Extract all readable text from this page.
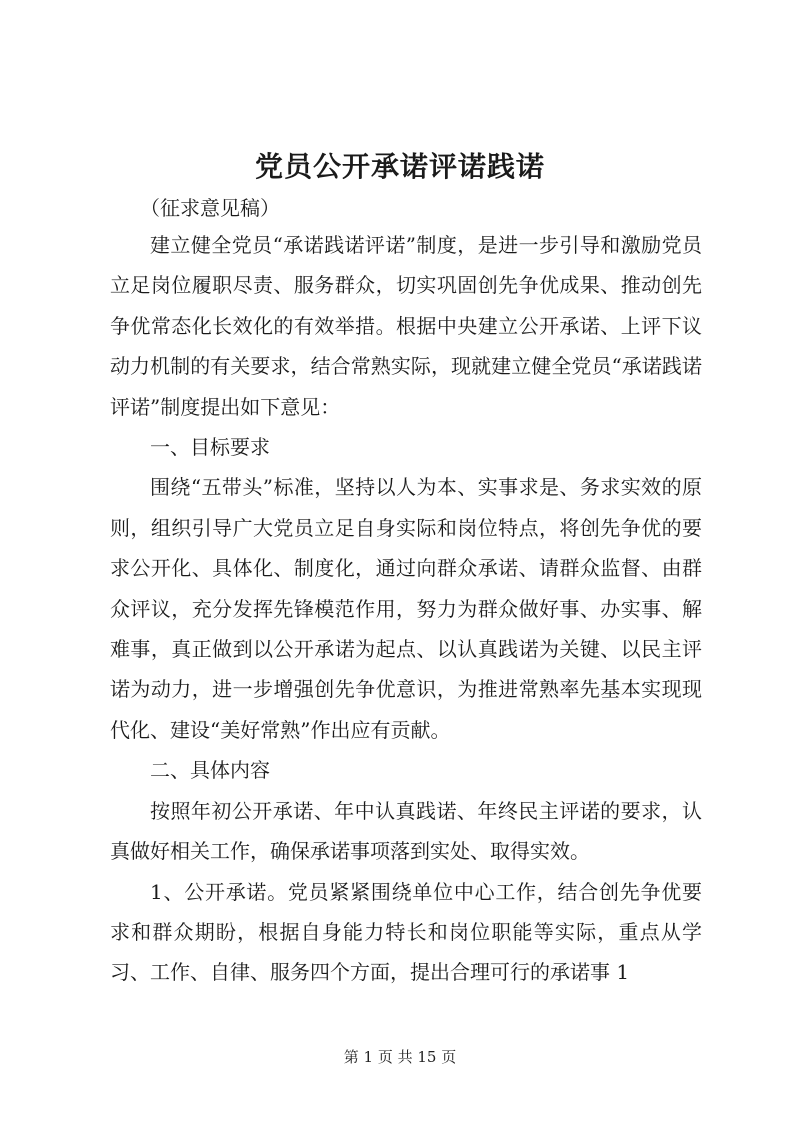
党员公开承诺评诺践诺
（征求意见稿）

建立健全党员“承诺践诺评诺”制度，是进一步引导和激励党员立足岗位履职尽责、服务群众，切实巩固创先争优成果、推动创先争优常态化长效化的有效举措。根据中央建立公开承诺、上评下议动力机制的有关要求，结合常熟实际，现就建立健全党员“承诺践诺评诺”制度提出如下意见：

一、目标要求

围绕“五带头”标准，坚持以人为本、实事求是、务求实效的原则，组织引导广大党员立足自身实际和岗位特点，将创先争优的要求公开化、具体化、制度化，通过向群众承诺、请群众监督、由群众评议，充分发挥先锋模范作用，努力为群众做好事、办实事、解难事，真正做到以公开承诺为起点、以认真践诺为关键、以民主评诺为动力，进一步增强创先争优意识，为推进常熟率先基本实现现代化、建设“美好常熟”作出应有贡献。

二、具体内容

按照年初公开承诺、年中认真践诺、年终民主评诺的要求，认真做好相关工作，确保承诺事项落到实处、取得实效。

1、公开承诺。党员紧紧围绕单位中心工作，结合创先争优要求和群众期盼，根据自身能力特长和岗位职能等实际，重点从学习、工作、自律、服务四个方面，提出合理可行的承诺事 1

第 1 页 共 15 页
